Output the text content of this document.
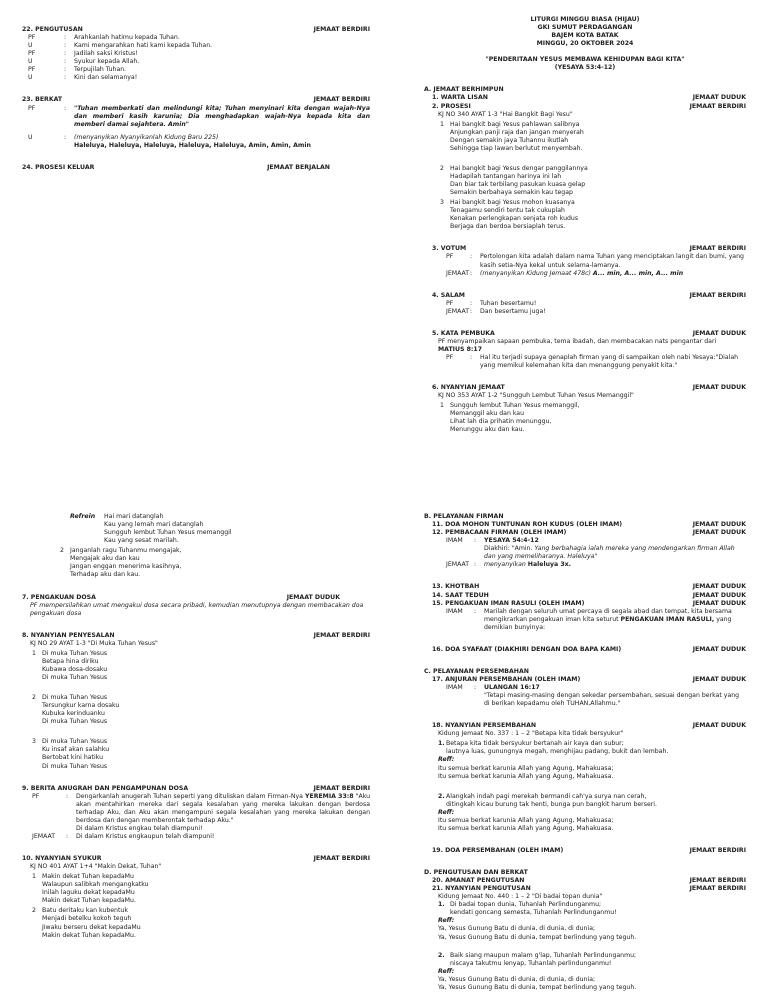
22. PENGUTUSAN	JEMAAT BERDIRI
PF	:	Arahkanlah hatimu kepada Tuhan.
U	:	Kami mengarahkan hati kami kepada Tuhan.
PF	:	Jadilah saksi Kristus!
U	:	Syukur kepada Allah.
PF	:	Terpujilah Tuhan.
U	:	Kini dan selamanya!
23. BERKAT	JEMAAT BERDIRI
PF	:	"Tuhan memberkati dan melindungi kita; Tuhan menyinari kita dengan wajah-Nya dan memberi kasih karunia; Dia menghadapkan wajah-Nya kepada kita dan memberi damai sejahtera. Amin"
U	:	(menyanyikan Nyanyikanlah Kidung Baru 225)
Haleluya, Haleluya, Haleluya, Haleluya, Haleluya, Amin, Amin, Amin
24. PROSESI KELUAR	JEMAAT BERJALAN
LITURGI MINGGU BIASA (HIJAU)
GKI SUMUT PERDAGANGAN
BAJEM KOTA BATAK
MINGGU, 20 OKTOBER 2024
"PENDERITAAN YESUS MEMBAWA KEHIDUPAN BAGI KITA"
(YESAYA 53:4-12)
A. JEMAAT BERHIMPUN
1. WARTA LISAN	JEMAAT DUDUK
2. PROSESI	JEMAAT BERDIRI
KJ NO 340 AYAT 1-3 "Hai Bangkit Bagi Yesu"
1 Hai bangkit bagi Yesus pahlawan salibnya
Anjungkan panji raja dan jangan menyerah
Dengan semakin jaya Tuhannu ikutlah
Sehingga tiap lawan berlutut menyembah.
2 Hai bangkit bagi Yesus dengar panggilannya
Hadapilah tantangan harinya ini lah
Dan biar tak terbilang pasukan kuasa gelap
Semakin berbahaya semakin kau tegap
3 Hai bangkit bagi Yesus mohon kuasanya
Tenagamu sendiri tentu tak cukuplah
Kenakan perlengkapan senjata roh kudus
Berjaga dan berdoa bersiaplah terus.
3. VOTUM	JEMAAT BERDIRI
PF	:	Pertolongan kita adalah dalam nama Tuhan yang menciptakan langit dan bumi, yang kasih setia-Nya kekal untuk selama-lamanya.
JEMAAT :	(menyanyikan Kidung Jemaat 478c) A... min, A... min, A... min
4. SALAM	JEMAAT BERDIRI
PF	:	Tuhan besertamu!
JEMAAT :	Dan besertamu juga!
5. KATA PEMBUKA	JEMAAT DUDUK
PF menyampaikan sapaan pembuka, tema ibadah, dan membacakan nats pengantar dari
MATIUS 8:17
PF	:	Hal itu terjadi supaya genaplah firman yang di sampaikan oleh nabi Yesaya:"Dialah yang memikul kelemahan kita dan menanggung penyakit kita."
6. NYANYIAN JEMAAT	JEMAAT DUDUK
KJ NO 353 AYAT 1-2 "Sungguh Lembut Tuhan Yesus Memanggil"
1 Sungguh lembut Tuhan Yesus memanggil,
Memanggil aku dan kau
Lihat lah dia prihatin menunggu,
Menunggu aku dan kau.
Refrein	Hai mari datanglah
Kau yang lemah mari datanglah
Sungguh lembut Tuhan Yesus memanggil
Kau yang sesat marilah.
2 Janganlah ragu Tuhanmu mengajak,
Mengajak aku dan kau
Jangan enggan menerima kasihnya,
Terhadap aku dan kau.
7. PENGAKUAN DOSA	JEMAAT DUDUK
PF mempersilahkan umat mengakui dosa secara pribadi, kemudian menutupnya dengan membacakan doa pengakuan dosa
8. NYANYIAN PENYESALAN	JEMAAT BERDIRI
KJ NO 29 AYAT 1-3 "Di Muka Tuhan Yesus"
1 Di muka Tuhan Yesus
Betapa hina diriku
Kubawa dosa-dosaku
Di muka Tuhan Yesus
2 Di muka Tuhan Yesus
Tersungkur karna dosaku
Kubuka kerinduanku
Di muka Tuhan Yesus
3 Di muka Tuhan Yesus
Ku insaf akan salahku
Bertobat kini hatiku
Di muka Tuhan Yesus
9. BERITA ANUGRAH DAN PENGAMPUNAN DOSA	JEMAAT BERDIRI
PF	:	Dengarkanlah anugerah Tuhan seperti yang dituliskan dalam Firman-Nya YEREMIA 33:8 "Aku akan mentahirkan mereka dari segala kesalahan yang mereka lakukan dengan berdosa terhadap Aku, dan Aku akan mengampuni segala kesalahan yang mereka lakukan dengan berdosa dan dengan memberontak terhadap Aku."
Di dalam Kristus engkau telah diampuni!
JEMAAT	:	Di dalam Kristus engkaupun telah diampuni!
10. NYANYIAN SYUKUR	JEMAAT BERDIRI
KJ NO 401 AYAT 1+4 "Makin Dekat, Tuhan"
1 Makin dekat Tuhan kepadaMu
Walaupun salibkah mengangkatku
Inilah laguku dekat kepadaMu
Makin dekat Tuhan kepadaMu.
2 Batu deritaku kan kubentuk
Menjadi betelku kokoh teguh
Jiwaku berseru dekat kepadaMu
Makin dekat Tuhan kepadaMu.
B. PELAYANAN FIRMAN
11. DOA MOHON TUNTUNAN ROH KUDUS (OLEH IMAM)	JEMAAT DUDUK
12. PEMBACAAN FIRMAN (OLEH IMAM)	JEMAAT DUDUK
IMAM	:	YESAYA 54:4-12
Diakhiri: "Amin. Yang berbahagia ialah mereka yang mendengarkan firman Allah dan yang memeliharanya. Haleluya"
JEMAAT :	menyanyikan Haleluya 3x.
13. KHOTBAH	JEMAAT DUDUK
14. SAAT TEDUH	JEMAAT DUDUK
15. PENGAKUAN IMAN RASULI (OLEH IMAM)	JEMAAT DUDUK
IMAM	:	Marilah dengan seluruh umat percaya di segala abad dan tempat, kita bersama mengikrarkan pengakuan iman kita seturut PENGAKUAN IMAN RASULI, yang demikian bunyinya:
16. DOA SYAFAAT (DIAKHIRI DENGAN DOA BAPA KAMI)	JEMAAT DUDUK
C. PELAYANAN PERSEMBAHAN
17. ANJURAN PERSEMBAHAN (OLEH IMAM)	JEMAAT DUDUK
IMAM	:	ULANGAN 16:17
"Tetapi masing-masing dengan sekedar persembahan, sesuai dengan berkat yang di berikan kepadamu oleh TUHAN,Allahmu."
18. NYANYIAN PERSEMBAHAN	JEMAAT DUDUK
Kidung Jemaat No. 337 : 1 – 2 "Betapa kita tidak bersyukur"
1. Betapa kita tidak bersyukur bertanah air kaya dan subur;
lautnya luas, gunungnya megah, menghijau padang, bukit dan lembah.
Reff:
Itu semua berkat karunia Allah yang Agung, Mahakuasa;
Itu semua berkat karunia Allah yang Agung, Mahakuasa.
2. Alangkah indah pagi merekah bermandi cah'ya surya nan cerah,
ditingkah kicau burung tak henti, bunga pun bangkit harum berseri.
Reff:
Itu semua berkat karunia Allah yang Agung, Mahakuasa;
Itu semua berkat karunia Allah yang Agung, Mahakuasa.
19. DOA PERSEMBAHAN (OLEH IMAM)	JEMAAT BERDIRI
D. PENGUTUSAN DAN BERKAT
20. AMANAT PENGUTUSAN	JEMAAT BERDIRI
21. NYANYIAN PENGUTUSAN	JEMAAT BERDIRI
Kidung Jemaat No. 440 : 1 – 2 "Di badai topan dunia"
1. Di badai topan dunia, Tuhanlah Perlindunganmu;
kendati goncang semesta, Tuhanlah Perlindunganmu!
Reff:
Ya, Yesus Gunung Batu di dunia, di dunia, di dunia;
Ya, Yesus Gunung Batu di dunia, tempat berlindung yang teguh.
2. Baik siang maupun malam g'lap, Tuhanlah Perlindunganmu;
niscaya takutmu lenyap, Tuhanlah perlindunganmu!
Reff:
Ya, Yesus Gunung Batu di dunia, di dunia, di dunia;
Ya, Yesus Gunung Batu di dunia, tempat berlindung yang teguh.
